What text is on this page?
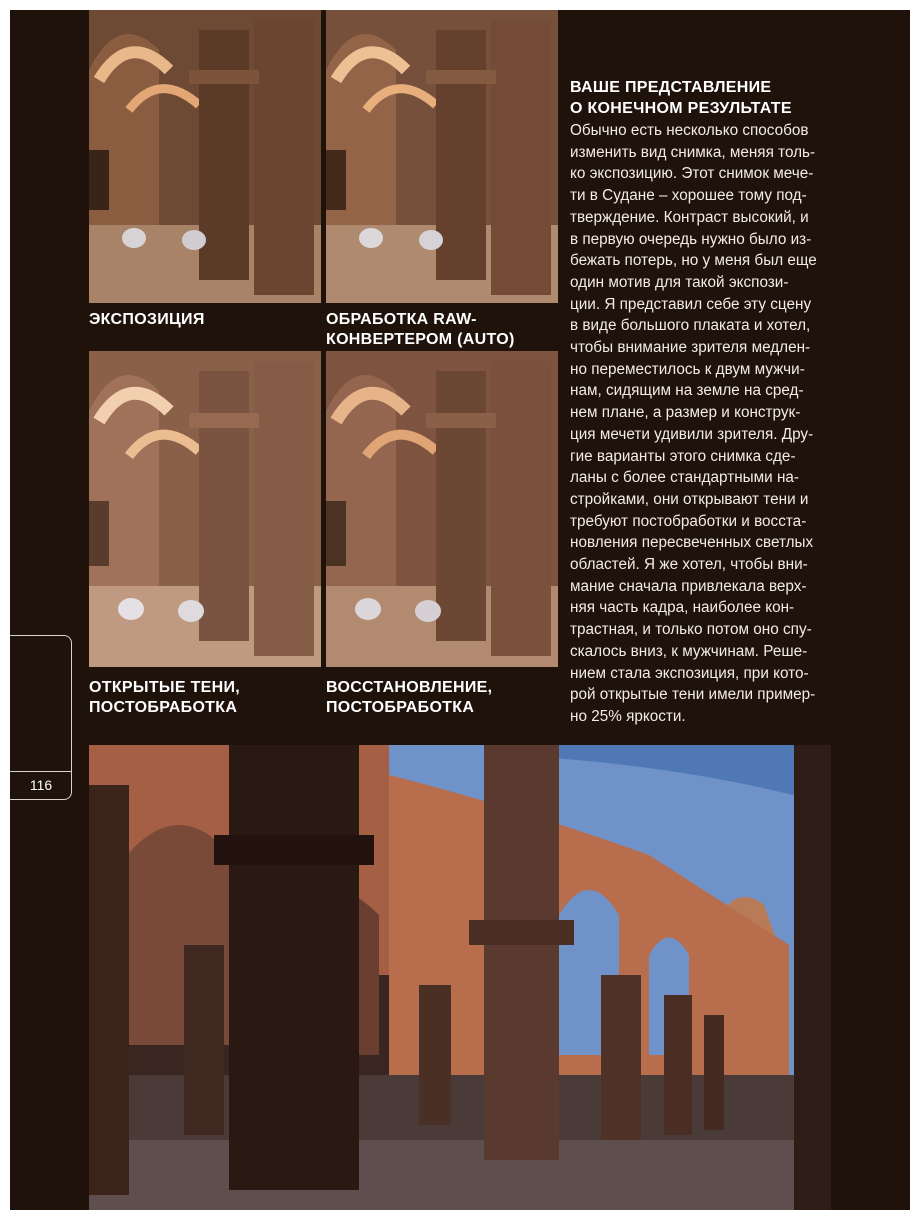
ЭКСПОЗИЦИЯ	ОБРАБОТКА RAW-
КОНВЕРТЕРОМ (AUTO)
ОТКРЫТЫЕ ТЕНИ,
ПОСТОБРАБОТКА
ВОССТАНОВЛЕНИЕ,
ПОСТОБРАБОТКА
ВАШЕ ПРЕДСТАВЛЕНИЕ
О КОНЕЧНОМ РЕЗУЛЬТАТЕ
Обычно есть несколько способов
изменить вид снимка, меняя толь-
ко экспозицию. Этот снимок мече-
ти в Судане – хорошее тому под-
тверждение. Контраст высокий, и
в первую очередь нужно было из-
бежать потерь, но у меня был еще
один мотив для такой экспози-
ции. Я представил себе эту сцену
в виде большого плаката и хотел,
чтобы внимание зрителя медлен-
но переместилось к двум мужчи-
нам, сидящим на земле на сред-
нем плане, а размер и конструк-
ция мечети удивили зрителя. Дру-
гие варианты этого снимка сде-
ланы с более стандартными на-
стройками, они открывают тени и
требуют постобработки и восста-
новления пересвеченных светлых
областей. Я же хотел, чтобы вни-
мание сначала привлекала верх-
няя часть кадра, наиболее кон-
трастная, и только потом оно спу-
скалось вниз, к мужчинам. Реше-
нием стала экспозиция, при кото-
рой открытые тени имели пример-
но 25% яркости.
116
